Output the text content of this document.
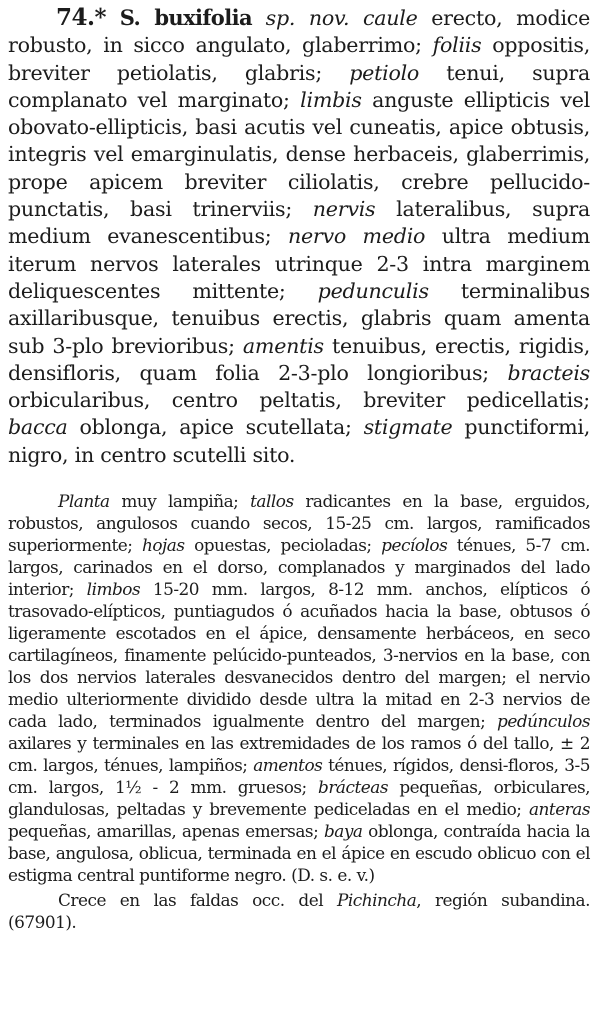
74.* S. buxifolia sp. nov. caule erecto, modice robusto, in sicco angulato, glaberrimo; foliis oppositis, breviter petiolatis, glabris; petiolo tenui, supra complanato vel marginato; limbis anguste ellipticis vel obovato-ellipticis, basi acutis vel cuneatis, apice obtusis, integris vel emarginulatis, dense herbaceis, glaberrimis, prope apicem breviter ciliolatis, crebre pellucido-punctatis, basi trinerviis; nervis lateralibus, supra medium evanescentibus; nervo medio ultra medium iterum nervos laterales utrinque 2-3 intra marginem deliquescentes mittente; pedunculis terminalibus axillaribusque, tenuibus erectis, glabris quam amenta sub 3-plo brevioribus; amentis tenuibus, erectis, rigidis, densifloris, quam folia 2-3-plo longioribus; bracteis orbicularibus, centro peltatis, breviter pedicellatis; bacca oblonga, apice scutellata; stigmate punctiformi, nigro, in centro scutelli sito.

Planta muy lampiña; tallos radicantes en la base, erguidos, robustos, angulosos cuando secos, 15-25 cm. largos, ramificados superiormente; hojas opuestas, pecioladas; pecíolos ténues, 5-7 cm. largos, carinados en el dorso, complanados y marginados del lado interior; limbos 15-20 mm. largos, 8-12 mm. anchos, elípticos ó trasovado-elípticos, puntiagudos ó acuñados hacia la base, obtusos ó ligeramente escotados en el ápice, densamente herbáceos, en seco cartilagíneos, finamente pelúcido-punteados, 3-nervios en la base, con los dos nervios laterales desvanecidos dentro del margen; el nervio medio ulteriormente dividido desde ultra la mitad en 2-3 nervios de cada lado, terminados igualmente dentro del margen; pedúnculos axilares y terminales en las extremidades de los ramos ó del tallo, ± 2 cm. largos, ténues, lampiños; amentos ténues, rígidos, densi-floros, 3-5 cm. largos, 1½ - 2 mm. gruesos; brácteas pequeñas, orbiculares, glandulosas, peltadas y brevemente pediceladas en el medio; anteras pequeñas, amarillas, apenas emersas; baya oblonga, contraída hacia la base, angulosa, oblicua, terminada en el ápice en escudo oblicuo con el estigma central puntiforme negro. (D. s. e. v.)

Crece en las faldas occ. del Pichincha, región subandina. (67901).
